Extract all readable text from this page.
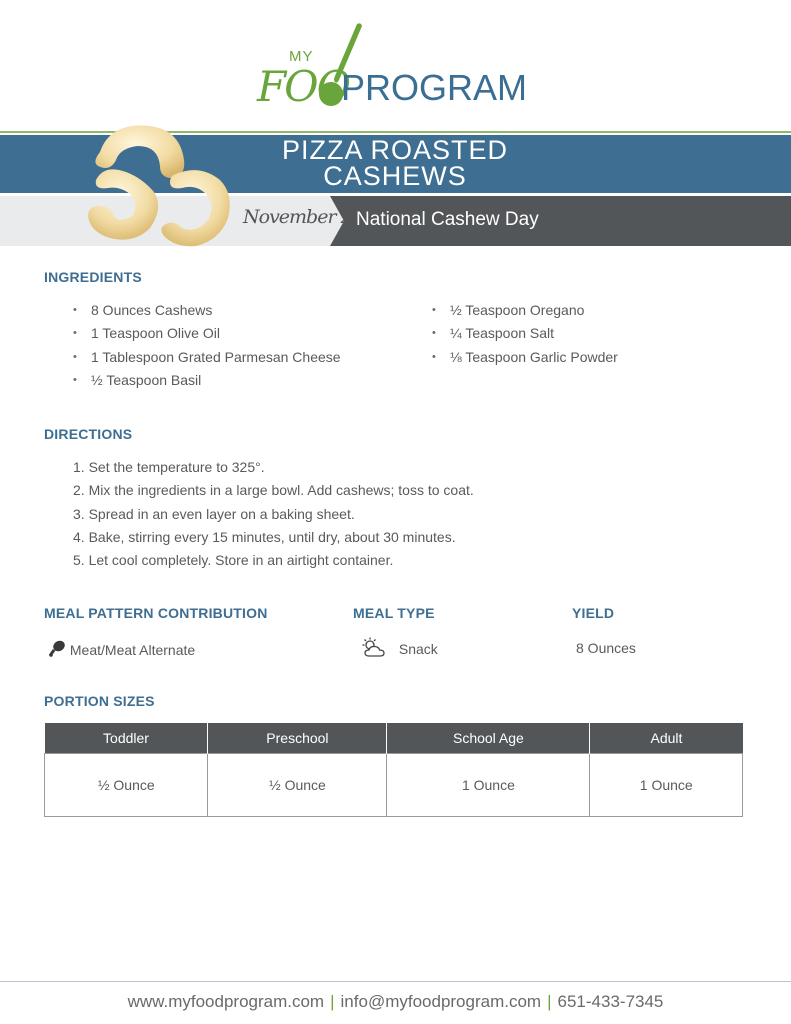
MY
FOO
PROGRAM
PIZZA ROASTED
CASHEWS
November 23
National Cashew Day
INGREDIENTS
• 8 Ounces Cashews
• 1 Teaspoon Olive Oil
• 1 Tablespoon Grated Parmesan Cheese
• ½ Teaspoon Basil
• ½ Teaspoon Oregano
• ¼ Teaspoon Salt
• ⅛ Teaspoon Garlic Powder
DIRECTIONS
1. Set the temperature to 325°.
2. Mix the ingredients in a large bowl. Add cashews; toss to coat.
3. Spread in an even layer on a baking sheet.
4. Bake, stirring every 15 minutes, until dry, about 30 minutes.
5. Let cool completely. Store in an airtight container.
MEAL PATTERN CONTRIBUTION	MEAL TYPE	YIELD
Meat/Meat Alternate	Snack	8 Ounces
PORTION SIZES
Toddler	Preschool	School Age	Adult
½ Ounce	½ Ounce	1 Ounce	1 Ounce
www.myfoodprogram.com | info@myfoodprogram.com | 651-433-7345
